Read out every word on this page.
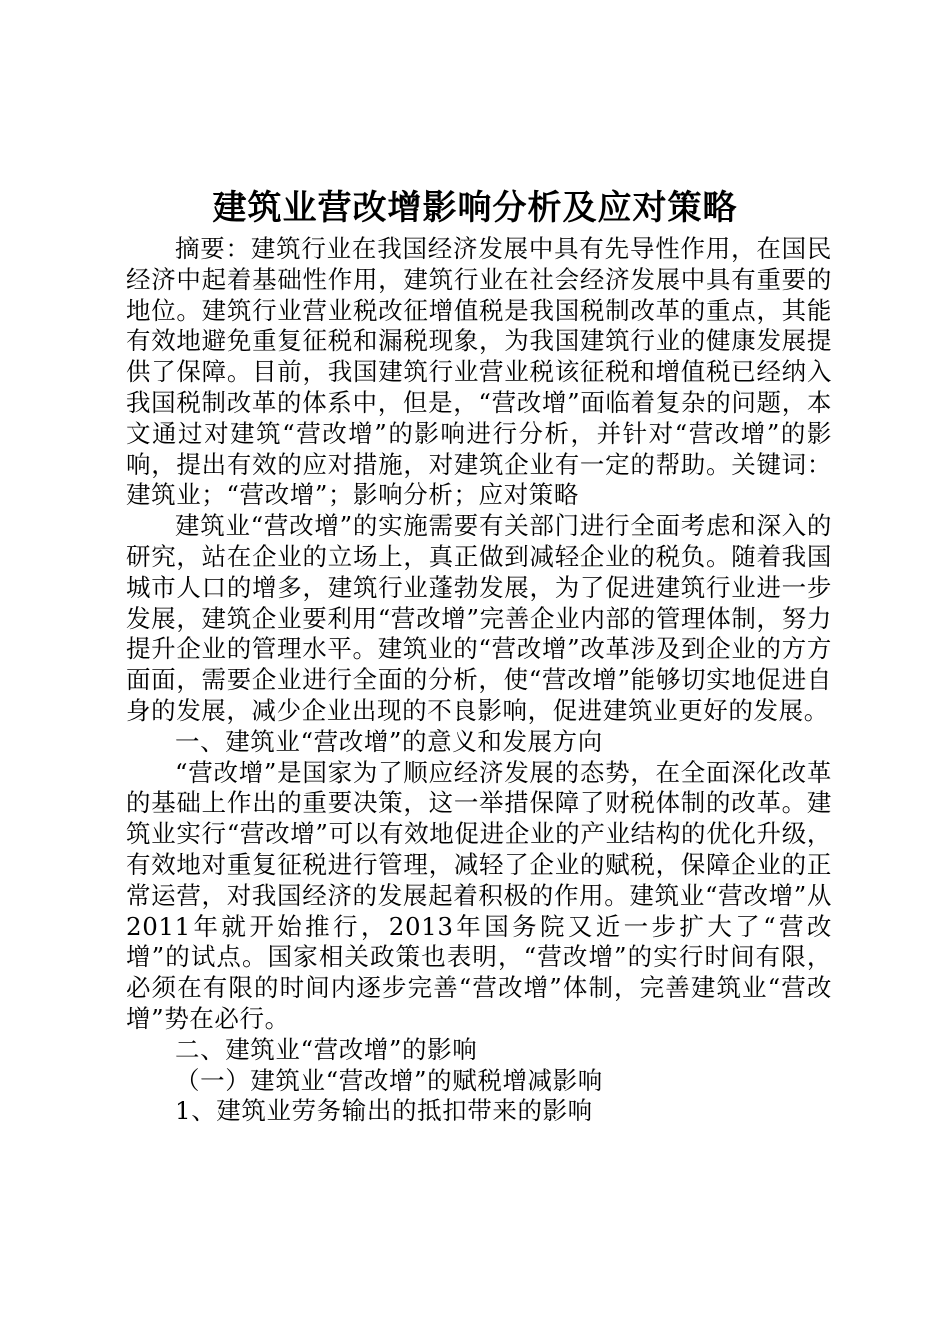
建筑业营改增影响分析及应对策略

摘要：建筑行业在我国经济发展中具有先导性作用，在国民经济中起着基础性作用，建筑行业在社会经济发展中具有重要的地位。建筑行业营业税改征增值税是我国税制改革的重点，其能有效地避免重复征税和漏税现象，为我国建筑行业的健康发展提供了保障。目前，我国建筑行业营业税该征税和增值税已经纳入我国税制改革的体系中，但是，“营改增”面临着复杂的问题，本文通过对建筑“营改增”的影响进行分析，并针对“营改增”的影响，提出有效的应对措施，对建筑企业有一定的帮助。关键词：建筑业；“营改增”；影响分析；应对策略

建筑业“营改增”的实施需要有关部门进行全面考虑和深入的研究，站在企业的立场上，真正做到减轻企业的税负。随着我国城市人口的增多，建筑行业蓬勃发展，为了促进建筑行业进一步发展，建筑企业要利用“营改增”完善企业内部的管理体制，努力提升企业的管理水平。建筑业的“营改增”改革涉及到企业的方方面面，需要企业进行全面的分析，使“营改增”能够切实地促进自身的发展，减少企业出现的不良影响，促进建筑业更好的发展。

一、建筑业“营改增”的意义和发展方向

“营改增”是国家为了顺应经济发展的态势，在全面深化改革的基础上作出的重要决策，这一举措保障了财税体制的改革。建筑业实行“营改增”可以有效地促进企业的产业结构的优化升级，有效地对重复征税进行管理，减轻了企业的赋税，保障企业的正常运营，对我国经济的发展起着积极的作用。建筑业“营改增”从2011年就开始推行，2013年国务院又近一步扩大了“营改增”的试点。国家相关政策也表明，“营改增”的实行时间有限，必须在有限的时间内逐步完善“营改增”体制，完善建筑业“营改增”势在必行。

二、建筑业“营改增”的影响

（一）建筑业“营改增”的赋税增减影响

1、建筑业劳务输出的抵扣带来的影响
